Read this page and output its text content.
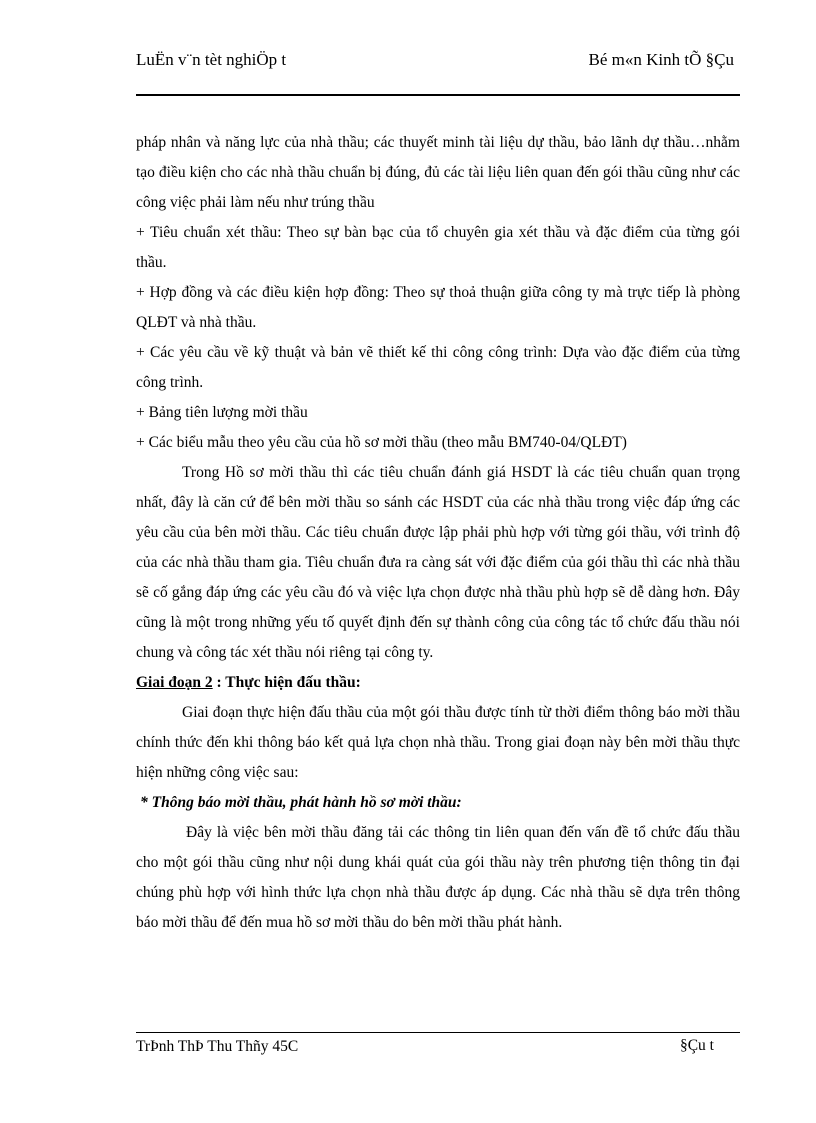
LuËn v¨n tèt nghiÖp t	Bé m«n Kinh tÕ §Çu

pháp nhân và năng lực của nhà thầu; các thuyết minh tài liệu dự thầu, bảo lãnh dự thầu…nhằm tạo điều kiện cho các nhà thầu chuẩn bị đúng, đủ các tài liệu liên quan đến gói thầu cũng như các công việc phải làm nếu như trúng thầu

+ Tiêu chuẩn xét thầu: Theo sự bàn bạc của tổ chuyên gia xét thầu và đặc điểm của từng gói thầu.

+ Hợp đồng và các điều kiện hợp đồng: Theo sự thoả thuận giữa công ty mà trực tiếp là phòng QLĐT và nhà thầu.

+ Các yêu cầu về kỹ thuật và bản vẽ thiết kế thi công công trình: Dựa vào đặc điểm của từng công trình.

+ Bảng tiên lượng mời thầu

+ Các biểu mẫu theo yêu cầu của hồ sơ mời thầu (theo mẫu BM740-04/QLĐT)

Trong Hồ sơ mời thầu thì các tiêu chuẩn đánh giá HSDT là các tiêu chuẩn quan trọng nhất, đây là căn cứ để bên mời thầu so sánh các HSDT của các nhà thầu trong việc đáp ứng các yêu cầu của bên mời thầu. Các tiêu chuẩn được lập phải phù hợp với từng gói thầu, với trình độ của các nhà thầu tham gia. Tiêu chuẩn đưa ra càng sát với đặc điểm của gói thầu thì các nhà thầu sẽ cố gắng đáp ứng các yêu cầu đó và việc lựa chọn được nhà thầu phù hợp sẽ dễ dàng hơn. Đây cũng là một trong những yếu tố quyết định đến sự thành công của công tác tổ chức đấu thầu nói chung và công tác xét thầu nói riêng tại công ty.

Giai đoạn 2 : Thực hiện đấu thầu:

Giai đoạn thực hiện đấu thầu của một gói thầu được tính từ thời điểm thông báo mời thầu chính thức đến khi thông báo kết quả lựa chọn nhà thầu. Trong giai đoạn này bên mời thầu thực hiện những công việc sau:

* Thông báo mời thầu, phát hành hồ sơ mời thầu:

Đây là việc bên mời thầu đăng tải các thông tin liên quan đến vấn đề tổ chức đấu thầu cho một gói thầu cũng như nội dung khái quát của gói thầu này trên phương tiện thông tin đại chúng phù hợp với hình thức lựa chọn nhà thầu được áp dụng. Các nhà thầu sẽ dựa trên thông báo mời thầu để đến mua hồ sơ mời thầu do bên mời thầu phát hành.

TrÞnh ThÞ Thu Thñy 45C	§Çu t
